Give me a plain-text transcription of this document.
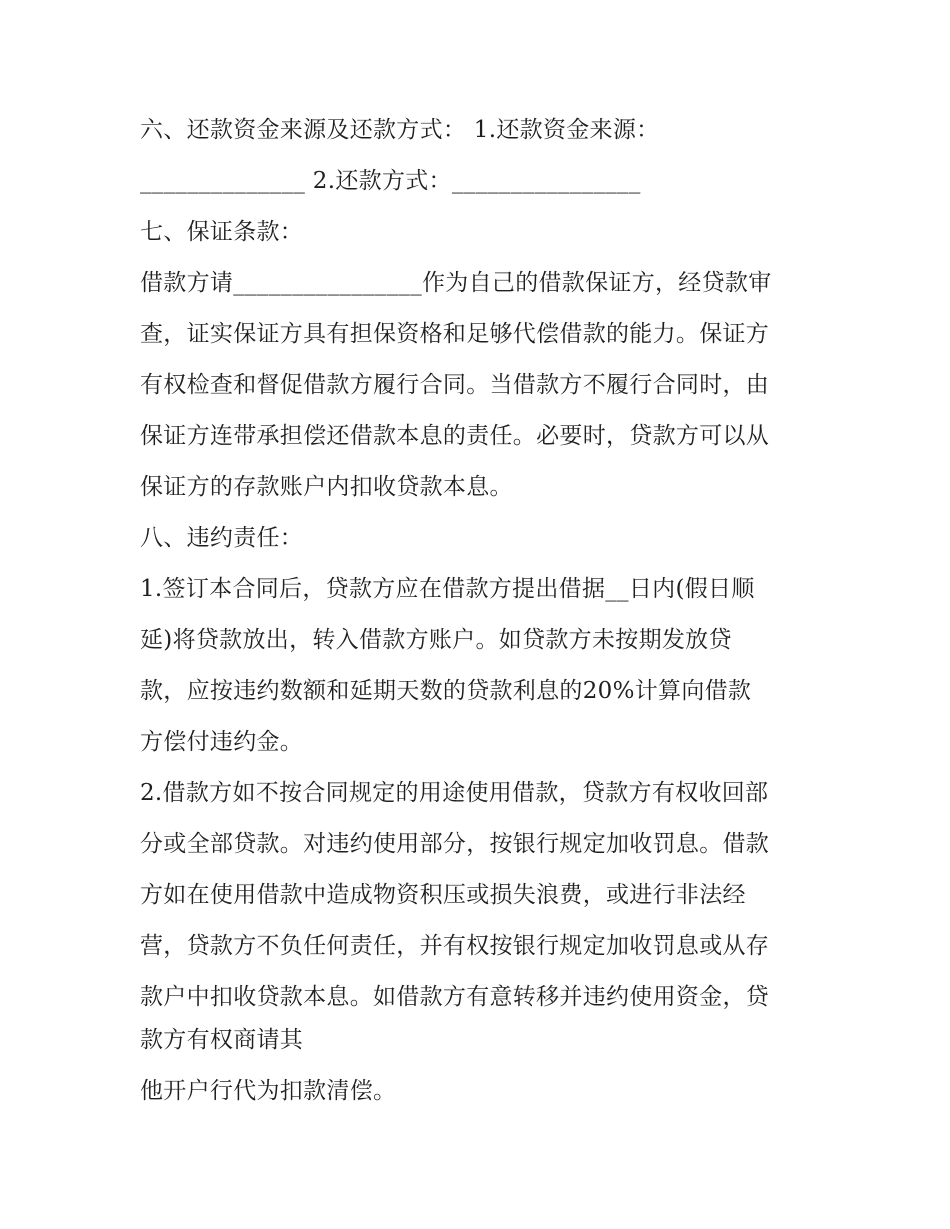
六、还款资金来源及还款方式： 1.还款资金来源：
______________ 2.还款方式：________________
七、保证条款：
借款方请________________作为自己的借款保证方，经贷款审
查，证实保证方具有担保资格和足够代偿借款的能力。保证方
有权检查和督促借款方履行合同。当借款方不履行合同时，由
保证方连带承担偿还借款本息的责任。必要时，贷款方可以从
保证方的存款账户内扣收贷款本息。
八、违约责任：
1.签订本合同后，贷款方应在借款方提出借据__日内(假日顺
延)将贷款放出，转入借款方账户。如贷款方未按期发放贷
款，应按违约数额和延期天数的贷款利息的20%计算向借款
方偿付违约金。
2.借款方如不按合同规定的用途使用借款，贷款方有权收回部
分或全部贷款。对违约使用部分，按银行规定加收罚息。借款
方如在使用借款中造成物资积压或损失浪费，或进行非法经
营，贷款方不负任何责任，并有权按银行规定加收罚息或从存
款户中扣收贷款本息。如借款方有意转移并违约使用资金，贷
款方有权商请其
他开户行代为扣款清偿。
